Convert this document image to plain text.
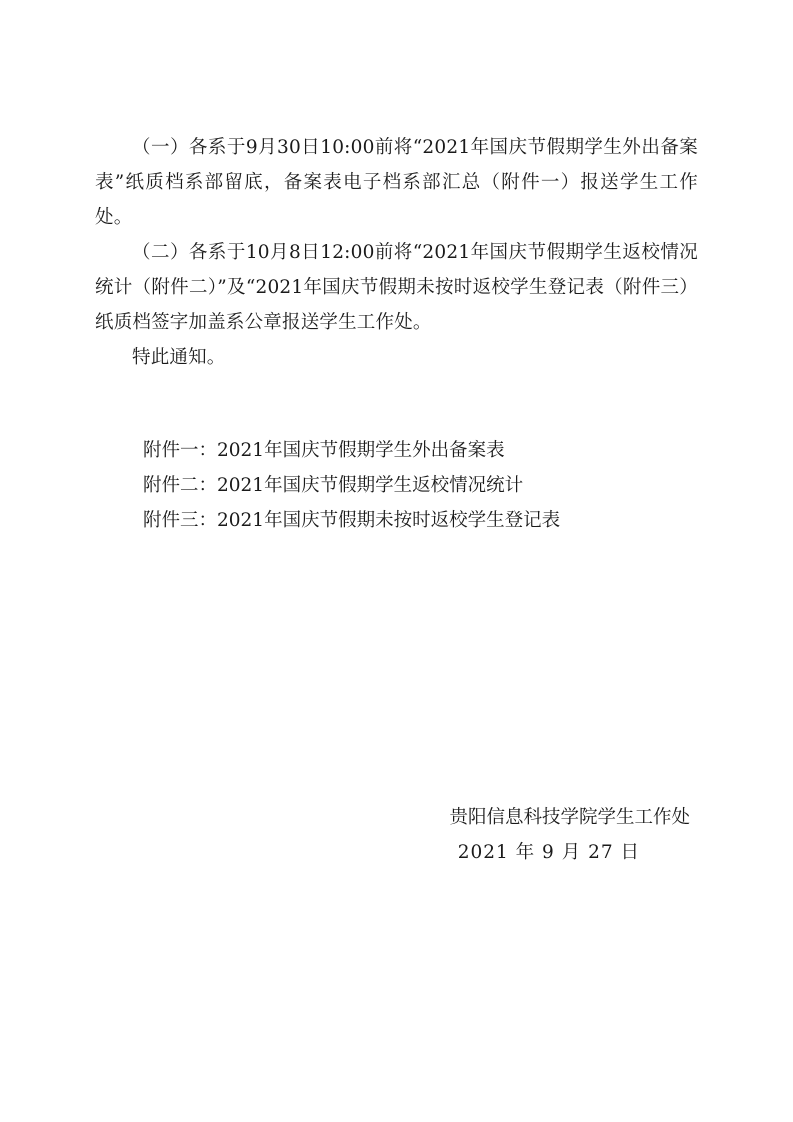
（一）各系于9月30日10:00前将“2021年国庆节假期学生外出备案表”纸质档系部留底，备案表电子档系部汇总（附件一）报送学生工作处。

（二）各系于10月8日12:00前将“2021年国庆节假期学生返校情况统计（附件二）”及“2021年国庆节假期未按时返校学生登记表（附件三）纸质档签字加盖系公章报送学生工作处。

特此通知。

附件一：2021年国庆节假期学生外出备案表

附件二：2021年国庆节假期学生返校情况统计

附件三：2021年国庆节假期未按时返校学生登记表

贵阳信息科技学院学生工作处

2021 年 9 月 27 日
